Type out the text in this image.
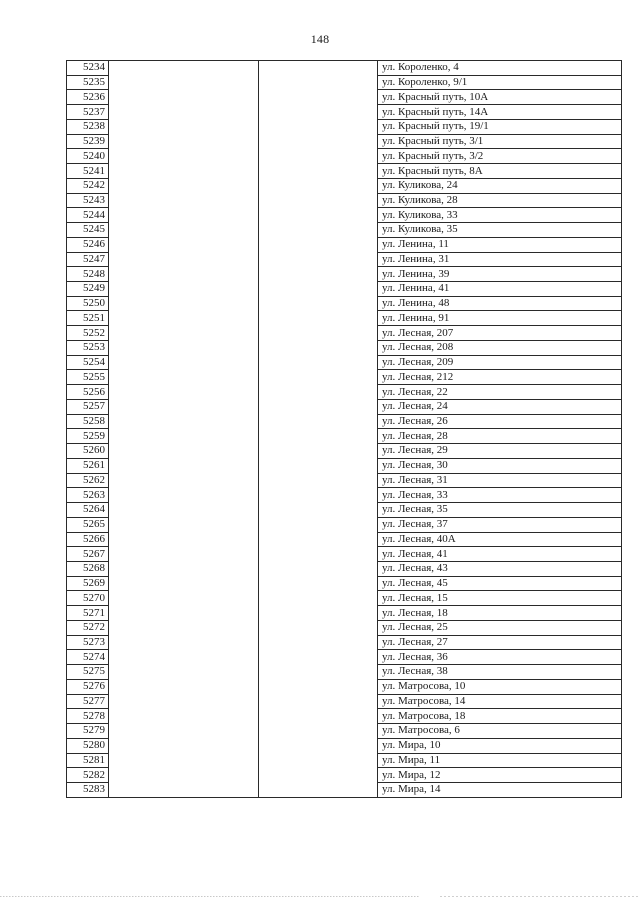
148
5234			ул. Короленко, 4
5235			ул. Короленко, 9/1
5236			ул. Красный путь, 10А
5237			ул. Красный путь, 14А
5238			ул. Красный путь, 19/1
5239			ул. Красный путь, 3/1
5240			ул. Красный путь, 3/2
5241			ул. Красный путь, 8А
5242			ул. Куликова, 24
5243			ул. Куликова, 28
5244			ул. Куликова, 33
5245			ул. Куликова, 35
5246			ул. Ленина, 11
5247			ул. Ленина, 31
5248			ул. Ленина, 39
5249			ул. Ленина, 41
5250			ул. Ленина, 48
5251			ул. Ленина, 91
5252			ул. Лесная, 207
5253			ул. Лесная, 208
5254			ул. Лесная, 209
5255			ул. Лесная, 212
5256			ул. Лесная, 22
5257			ул. Лесная, 24
5258			ул. Лесная, 26
5259			ул. Лесная, 28
5260			ул. Лесная, 29
5261			ул. Лесная, 30
5262			ул. Лесная, 31
5263			ул. Лесная, 33
5264			ул. Лесная, 35
5265			ул. Лесная, 37
5266			ул. Лесная, 40А
5267			ул. Лесная, 41
5268			ул. Лесная, 43
5269			ул. Лесная, 45
5270			ул. Лесная, 15
5271			ул. Лесная, 18
5272			ул. Лесная, 25
5273			ул. Лесная, 27
5274			ул. Лесная, 36
5275			ул. Лесная, 38
5276			ул. Матросова, 10
5277			ул. Матросова, 14
5278			ул. Матросова, 18
5279			ул. Матросова, 6
5280			ул. Мира, 10
5281			ул. Мира, 11
5282			ул. Мира, 12
5283			ул. Мира, 14
